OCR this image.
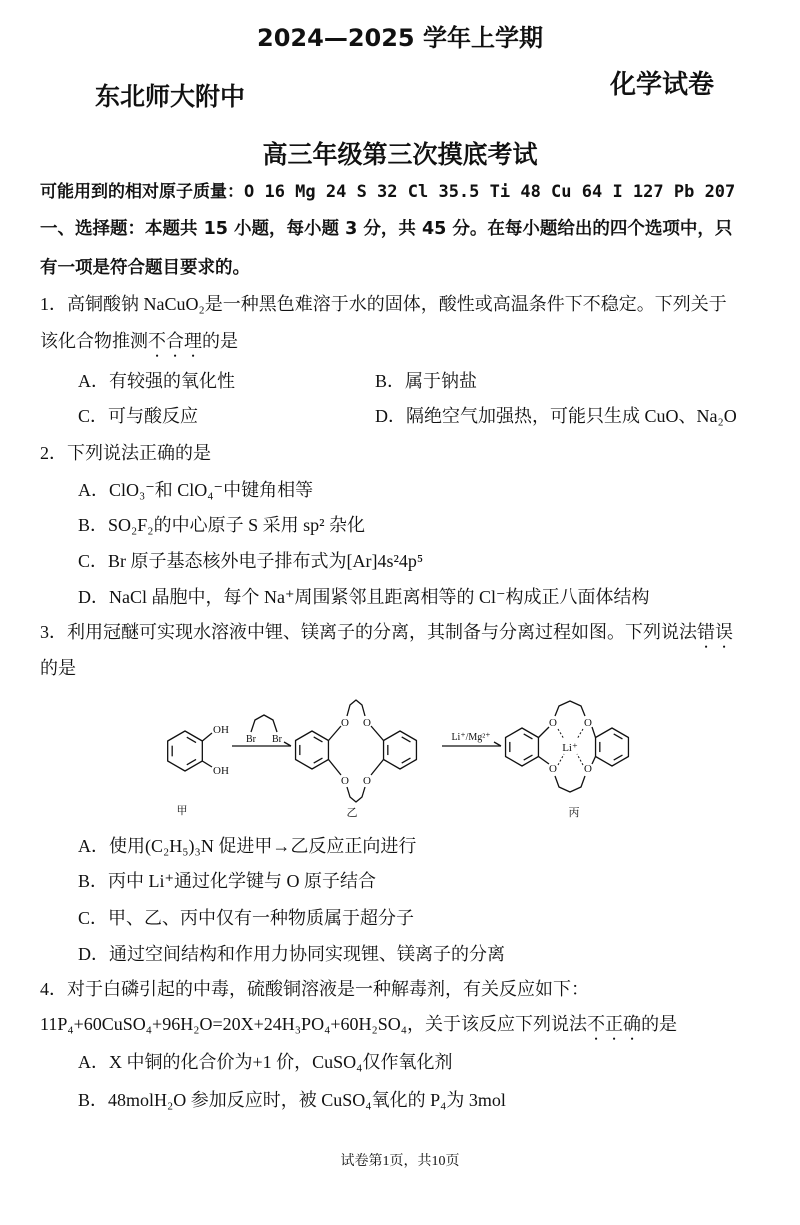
2024—2025 学年上学期
东北师大附中	化学试卷
高三年级第三次摸底考试
可能用到的相对原子质量：O 16 Mg 24 S 32 Cl 35.5 Ti 48 Cu 64 I 127 Pb 207
一、选择题：本题共 15 小题，每小题 3 分，共 45 分。在每小题给出的四个选项中，只
有一项是符合题目要求的。
1．高铜酸钠 NaCuO₂是一种黑色难溶于水的固体，酸性或高温条件下不稳定。下列关于
该化合物推测不合理的是
A．有较强的氧化性	B．属于钠盐
C．可与酸反应	D．隔绝空气加强热，可能只生成 CuO、Na₂O
2．下列说法正确的是
A．ClO₃⁻和 ClO₄⁻中键角相等
B．SO₂F₂的中心原子 S 采用 sp² 杂化
C．Br 原子基态核外电子排布式为[Ar]4s²4p⁵
D．NaCl 晶胞中，每个 Na⁺周围紧邻且距离相等的 Cl⁻构成正八面体结构
3．利用冠醚可实现水溶液中锂、镁离子的分离，其制备与分离过程如图。下列说法错误
的是
OH
OH
甲
Br Br
O O
O O
乙
Li⁺/Mg²⁺
O O
O O
Li⁺
丙
A．使用(C₂H₅)₃N 促进甲→乙反应正向进行
B．丙中 Li⁺通过化学键与 O 原子结合
C．甲、乙、丙中仅有一种物质属于超分子
D．通过空间结构和作用力协同实现锂、镁离子的分离
4．对于白磷引起的中毒，硫酸铜溶液是一种解毒剂，有关反应如下：
11P₄+60CuSO₄+96H₂O=20X+24H₃PO₄+60H₂SO₄，关于该反应下列说法不正确的是
A．X 中铜的化合价为+1 价，CuSO₄仅作氧化剂
B．48molH₂O 参加反应时，被 CuSO₄氧化的 P₄为 3mol
试卷第1页，共10页
